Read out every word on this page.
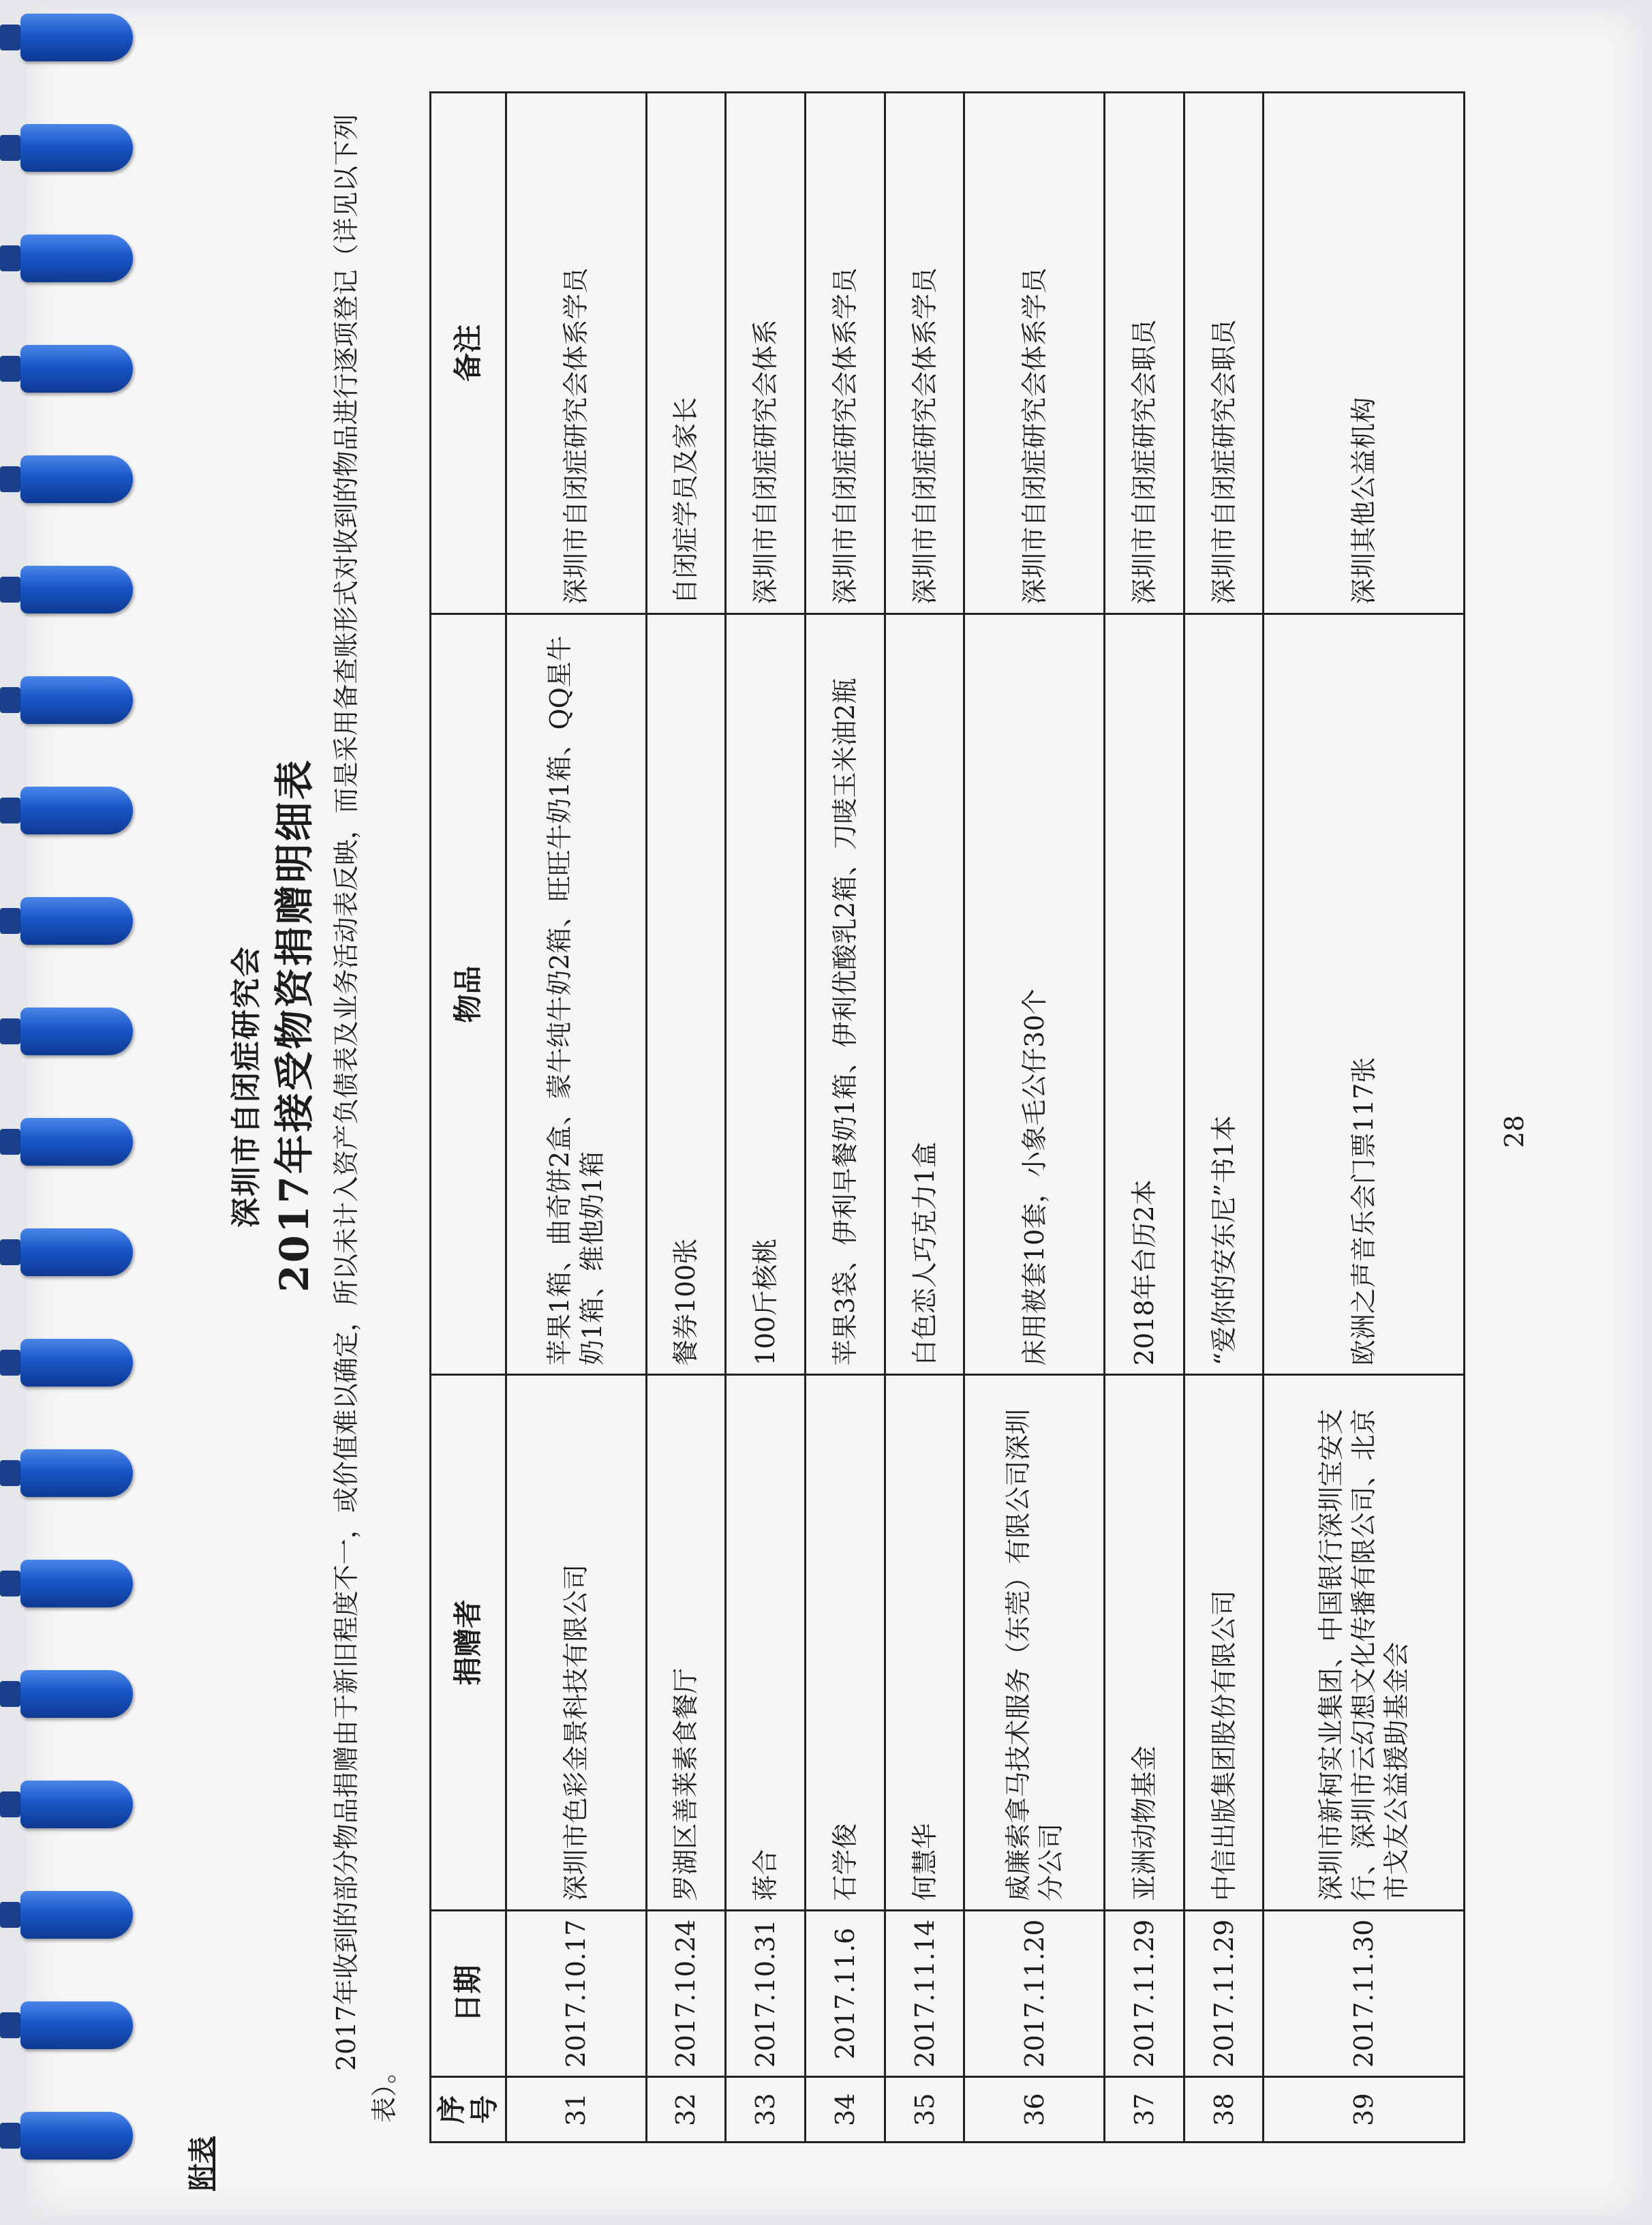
附表
深圳市自闭症研究会 2017年接受物资捐赠明细表 2017年收到的部分物品捐赠由于新旧程度不一，或价值难以确定，所以未计入资产负债表及业务活动表反映，而是采用备查账形式对收到的物品进行逐项登记（详见以下列表）。 序号	日期	捐赠者	物品	备注
31	2017.10.17	深圳市色彩金景科技有限公司	苹果1箱、曲奇饼2盒、蒙牛纯牛奶2箱、旺旺牛奶1箱、QQ星牛奶1箱、维他奶1箱	深圳市自闭症研究会体系学员
32	2017.10.24	罗湖区善莱素食餐厅	餐券100张	自闭症学员及家长
33	2017.10.31	蒋合	100斤核桃	深圳市自闭症研究会体系
34	2017.11.6	石学俊	苹果3袋、伊利早餐奶1箱、伊利优酸乳2箱、刀唛玉米油2瓶	深圳市自闭症研究会体系学员
35	2017.11.14	何慧华	白色恋人巧克力1盒	深圳市自闭症研究会体系学员
36	2017.11.20	威廉索拿马技术服务（东莞）有限公司深圳分公司	床用被套10套，小象毛公仔30个	深圳市自闭症研究会体系学员
37	2017.11.29	亚洲动物基金	2018年台历2本	深圳市自闭症研究会职员
38	2017.11.29	中信出版集团股份有限公司	“爱你的安东尼”书1本	深圳市自闭症研究会职员
39	2017.11.30	深圳市新柯实业集团、中国银行深圳宝安支行、深圳市云幻想文化传播有限公司、北京市戈友公益援助基金会	欧洲之声音乐会门票117张	深圳其他公益机构
28
